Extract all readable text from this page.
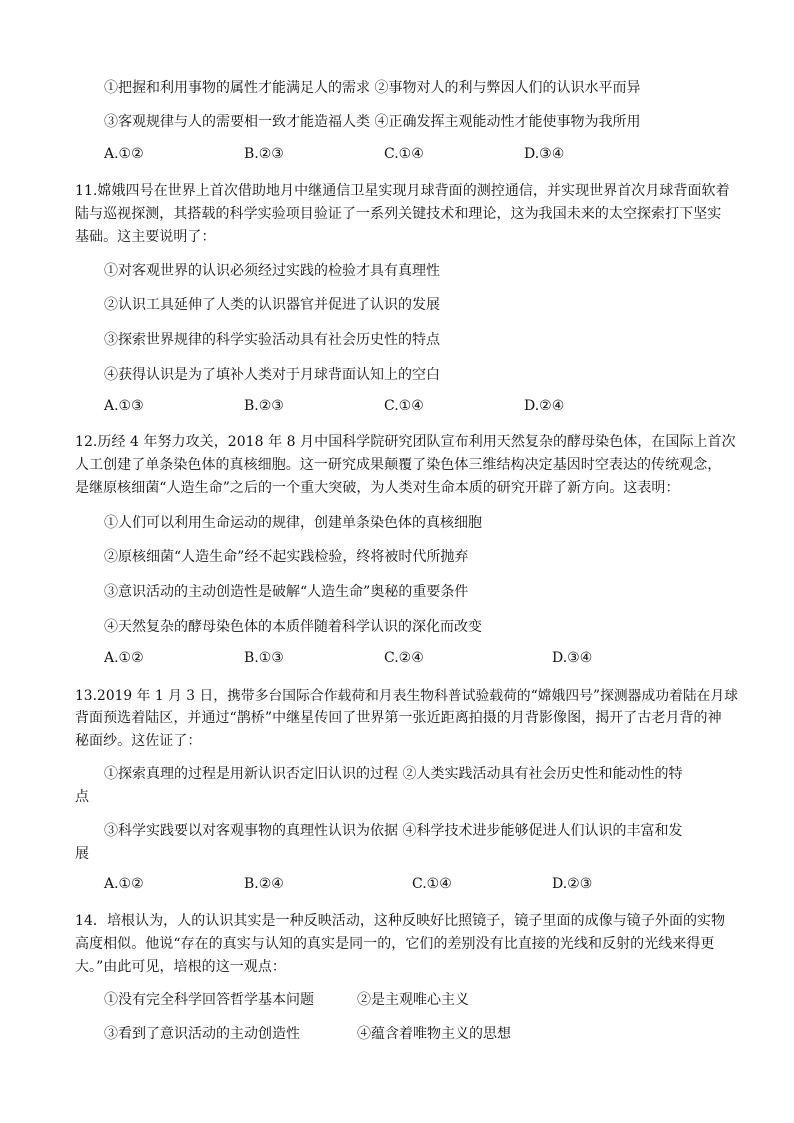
①把握和利用事物的属性才能满足人的需求 ②事物对人的利与弊因人们的认识水平而异
③客观规律与人的需要相一致才能造福人类 ④正确发挥主观能动性才能使事物为我所用
A.①②	B.②③	C.①④	D.③④
11.嫦娥四号在世界上首次借助地月中继通信卫星实现月球背面的测控通信，并实现世界首次月球背面软着
陆与巡视探测，其搭载的科学实验项目验证了一系列关键技术和理论，这为我国未来的太空探索打下坚实
基础。这主要说明了：
①对客观世界的认识必须经过实践的检验才具有真理性
②认识工具延伸了人类的认识器官并促进了认识的发展
③探索世界规律的科学实验活动具有社会历史性的特点
④获得认识是为了填补人类对于月球背面认知上的空白
A.①③	B.②③	C.①④	D.②④
12.历经 4 年努力攻关，2018 年 8 月中国科学院研究团队宣布利用天然复杂的酵母染色体，在国际上首次
人工创建了单条染色体的真核细胞。这一研究成果颠覆了染色体三维结构决定基因时空表达的传统观念，
是继原核细菌“人造生命”之后的一个重大突破，为人类对生命本质的研究开辟了新方向。这表明：
①人们可以利用生命运动的规律，创建单条染色体的真核细胞
②原核细菌“人造生命”经不起实践检验，终将被时代所抛弃
③意识活动的主动创造性是破解“人造生命”奥秘的重要条件
④天然复杂的酵母染色体的本质伴随着科学认识的深化而改变
A.①②	B.①③	C.②④	D.③④
13.2019 年 1 月 3 日，携带多台国际合作载荷和月表生物科普试验载荷的“嫦娥四号”探测器成功着陆在月球
背面预选着陆区，并通过“鹊桥”中继星传回了世界第一张近距离拍摄的月背影像图，揭开了古老月背的神
秘面纱。这佐证了：
①探索真理的过程是用新认识否定旧认识的过程 ②人类实践活动具有社会历史性和能动性的特
点
③科学实践要以对客观事物的真理性认识为依据 ④科学技术进步能够促进人们认识的丰富和发
展
A.①②	B.②④	C.①④	D.②③
14．培根认为，人的认识其实是一种反映活动，这种反映好比照镜子，镜子里面的成像与镜子外面的实物
高度相似。他说“存在的真实与认知的真实是同一的，它们的差别没有比直接的光线和反射的光线来得更
大。”由此可见，培根的这一观点：
①没有完全科学回答哲学基本问题	②是主观唯心主义
③看到了意识活动的主动创造性	④蕴含着唯物主义的思想
